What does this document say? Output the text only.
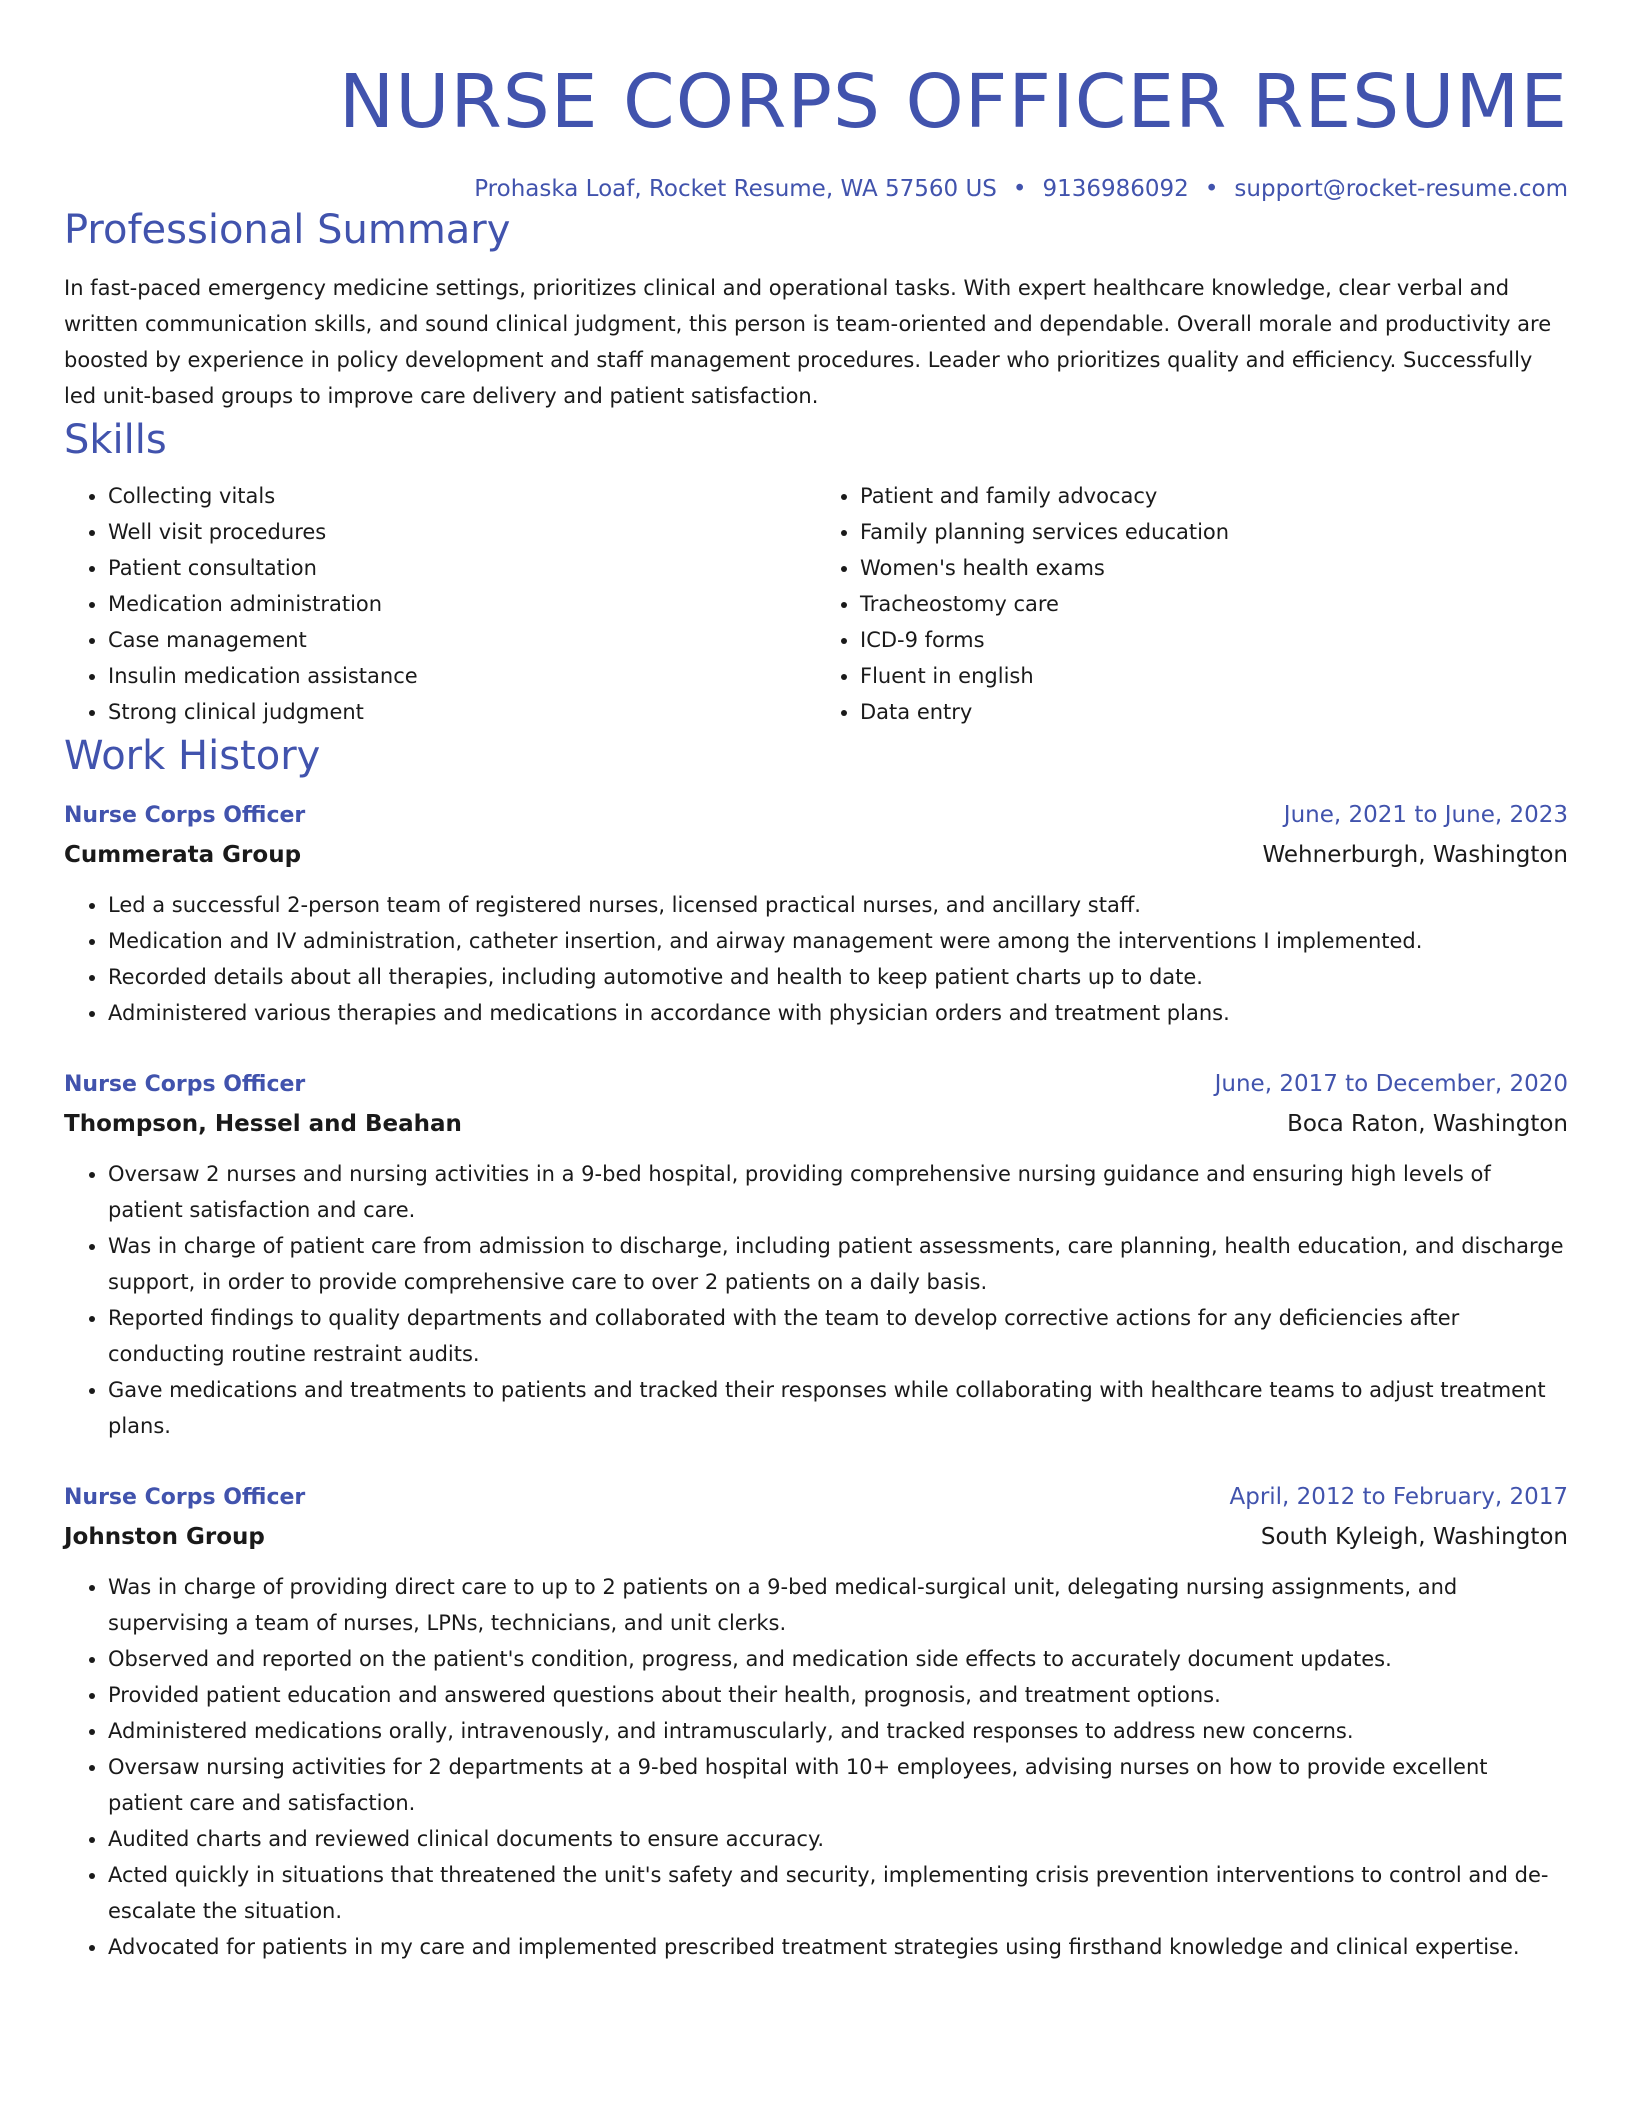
NURSE CORPS OFFICER RESUME
Prohaska Loaf, Rocket Resume, WA 57560 US • 9136986092 • support@rocket-resume.com
Professional Summary

In fast-paced emergency medicine settings, prioritizes clinical and operational tasks. With expert healthcare knowledge, clear verbal and written communication skills, and sound clinical judgment, this person is team-oriented and dependable. Overall morale and productivity are boosted by experience in policy development and staff management procedures. Leader who prioritizes quality and efficiency. Successfully led unit-based groups to improve care delivery and patient satisfaction.

Skills
• Collecting vitals
• Well visit procedures
• Patient consultation
• Medication administration
• Case management
• Insulin medication assistance
• Strong clinical judgment
• Patient and family advocacy
• Family planning services education
• Women's health exams
• Tracheostomy care
• ICD-9 forms
• Fluent in english
• Data entry
Work History
Nurse Corps Officer	June, 2021 to June, 2023
Cummerata Group	Wehnerburgh, Washington
• Led a successful 2-person team of registered nurses, licensed practical nurses, and ancillary staff.
• Medication and IV administration, catheter insertion, and airway management were among the interventions I implemented.
• Recorded details about all therapies, including automotive and health to keep patient charts up to date.
• Administered various therapies and medications in accordance with physician orders and treatment plans.
Nurse Corps Officer	June, 2017 to December, 2020
Thompson, Hessel and Beahan	Boca Raton, Washington
• Oversaw 2 nurses and nursing activities in a 9-bed hospital, providing comprehensive nursing guidance and ensuring high levels of patient satisfaction and care.
• Was in charge of patient care from admission to discharge, including patient assessments, care planning, health education, and discharge support, in order to provide comprehensive care to over 2 patients on a daily basis.
• Reported findings to quality departments and collaborated with the team to develop corrective actions for any deficiencies after conducting routine restraint audits.
• Gave medications and treatments to patients and tracked their responses while collaborating with healthcare teams to adjust treatment plans.
Nurse Corps Officer	April, 2012 to February, 2017
Johnston Group	South Kyleigh, Washington
• Was in charge of providing direct care to up to 2 patients on a 9-bed medical-surgical unit, delegating nursing assignments, and supervising a team of nurses, LPNs, technicians, and unit clerks.
• Observed and reported on the patient's condition, progress, and medication side effects to accurately document updates.
• Provided patient education and answered questions about their health, prognosis, and treatment options.
• Administered medications orally, intravenously, and intramuscularly, and tracked responses to address new concerns.
• Oversaw nursing activities for 2 departments at a 9-bed hospital with 10+ employees, advising nurses on how to provide excellent patient care and satisfaction.
• Audited charts and reviewed clinical documents to ensure accuracy.
• Acted quickly in situations that threatened the unit's safety and security, implementing crisis prevention interventions to control and de-escalate the situation.
• Advocated for patients in my care and implemented prescribed treatment strategies using firsthand knowledge and clinical expertise.
